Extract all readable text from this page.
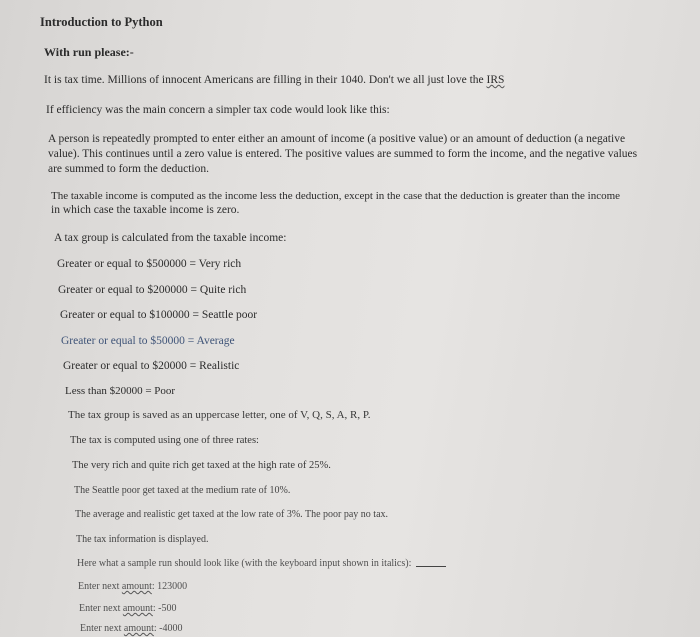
Introduction to Python
With run please:-
It is tax time. Millions of innocent Americans are filling in their 1040. Don't we all just love the IRS
If efficiency was the main concern a simpler tax code would look like this:
A person is repeatedly prompted to enter either an amount of income (a positive value) or an amount of deduction (a negative
value). This continues until a zero value is entered. The positive values are summed to form the income, and the negative values
are summed to form the deduction.
The taxable income is computed as the income less the deduction, except in the case that the deduction is greater than the income
in which case the taxable income is zero.
A tax group is calculated from the taxable income:
Greater or equal to $500000 = Very rich
Greater or equal to $200000 = Quite rich
Greater or equal to $100000 = Seattle poor
Greater or equal to $50000 = Average
Greater or equal to $20000 = Realistic
Less than $20000 = Poor
The tax group is saved as an uppercase letter, one of V, Q, S, A, R, P.
The tax is computed using one of three rates:
The very rich and quite rich get taxed at the high rate of 25%.
The Seattle poor get taxed at the medium rate of 10%.
The average and realistic get taxed at the low rate of 3%. The poor pay no tax.
The tax information is displayed.
Here what a sample run should look like (with the keyboard input shown in italics):
Enter next amount: 123000
Enter next amount: -500
Enter next amount: -4000
